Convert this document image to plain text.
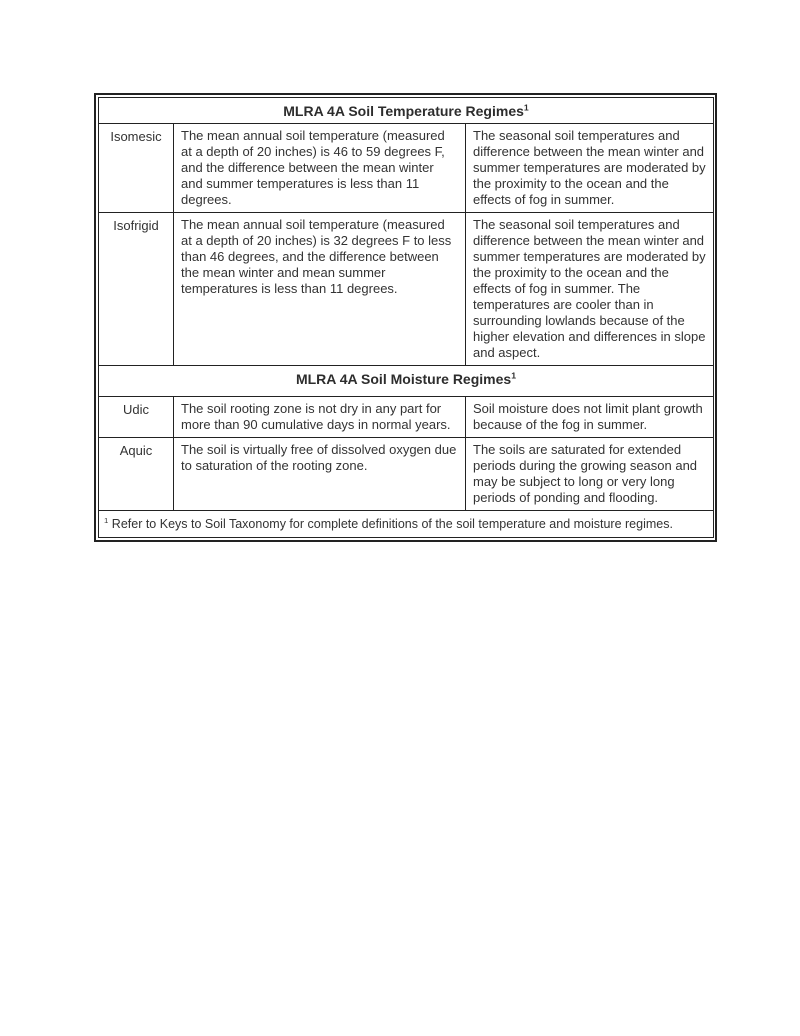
MLRA 4A Soil Temperature Regimes$^1$
Isomesic	The mean annual soil temperature (measured at a depth of 20 inches) is 46 to 59 degrees F, and the difference between the mean winter and summer temperatures is less than 11 degrees.	The seasonal soil temperatures and difference between the mean winter and summer temperatures are moderated by the proximity to the ocean and the effects of fog in summer.
Isofrigid	The mean annual soil temperature (measured at a depth of 20 inches) is 32 degrees F to less than 46 degrees, and the difference between the mean winter and mean summer temperatures is less than 11 degrees.	The seasonal soil temperatures and difference between the mean winter and summer temperatures are moderated by the proximity to the ocean and the effects of fog in summer. The temperatures are cooler than in surrounding lowlands because of the higher elevation and differences in slope and aspect.
MLRA 4A Soil Moisture Regimes$^1$
Udic	The soil rooting zone is not dry in any part for more than 90 cumulative days in normal years.	Soil moisture does not limit plant growth because of the fog in summer.
Aquic	The soil is virtually free of dissolved oxygen due to saturation of the rooting zone.	The soils are saturated for extended periods during the growing season and may be subject to long or very long periods of ponding and flooding.
$^1$ Refer to Keys to Soil Taxonomy for complete definitions of the soil temperature and moisture regimes.		
